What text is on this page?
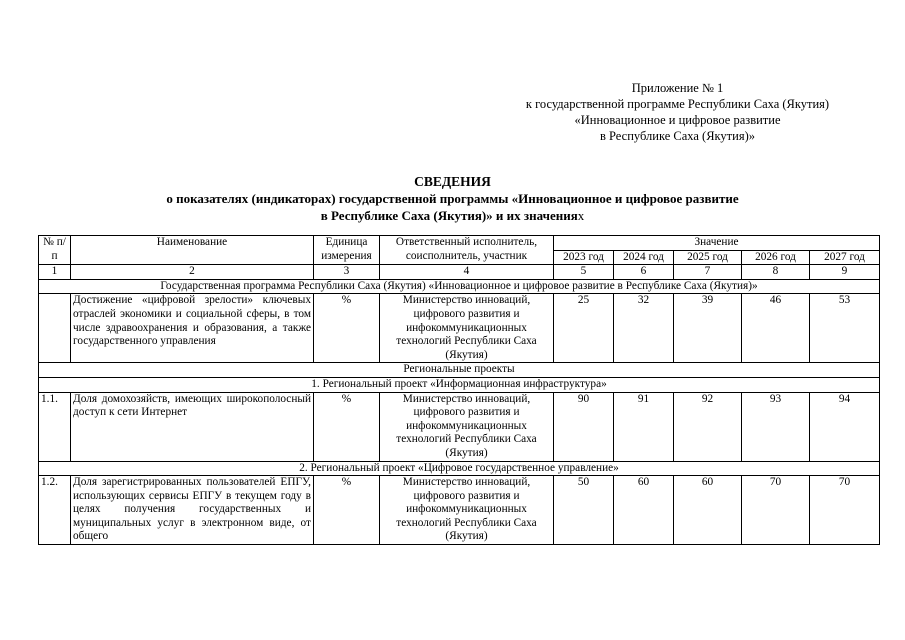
Приложение № 1
к государственной программе Республики Саха (Якутия)
«Инновационное и цифровое развитие
в Республике Саха (Якутия)»
СВЕДЕНИЯ
о показателях (индикаторах) государственной программы «Инновационное и цифровое развитие
в Республике Саха (Якутия)» и их значениях
№ п/п	Наименование	Единица измерения	Ответственный исполнитель, соисполнитель, участник	Значение				
				2023 год	2024 год	2025 год	2026 год	2027 год
1	2	3	4	5	6	7	8	9
Государственная программа Республики Саха (Якутия) «Инновационное и цифровое развитие в Республике Саха (Якутия)»								
	Достижение «цифровой зрелости» ключевых отраслей экономики и социальной сферы, в том числе здравоохранения и образования, а также государственного управления	%	Министерство инноваций, цифрового развития и инфокоммуникационных технологий Республики Саха (Якутия)	25	32	39	46	53
Региональные проекты								
1. Региональный проект «Информационная инфраструктура»								
1.1.	Доля домохозяйств, имеющих широкополосный доступ к сети Интернет	%	Министерство инноваций, цифрового развития и инфокоммуникационных технологий Республики Саха (Якутия)	90	91	92	93	94
2. Региональный проект «Цифровое государственное управление»								
1.2.	Доля зарегистрированных пользователей ЕПГУ, использующих сервисы ЕПГУ в текущем году в целях получения государственных и муниципальных услуг в электронном виде, от общего	%	Министерство инноваций, цифрового развития и инфокоммуникационных технологий Республики Саха (Якутия)	50	60	60	70	70
